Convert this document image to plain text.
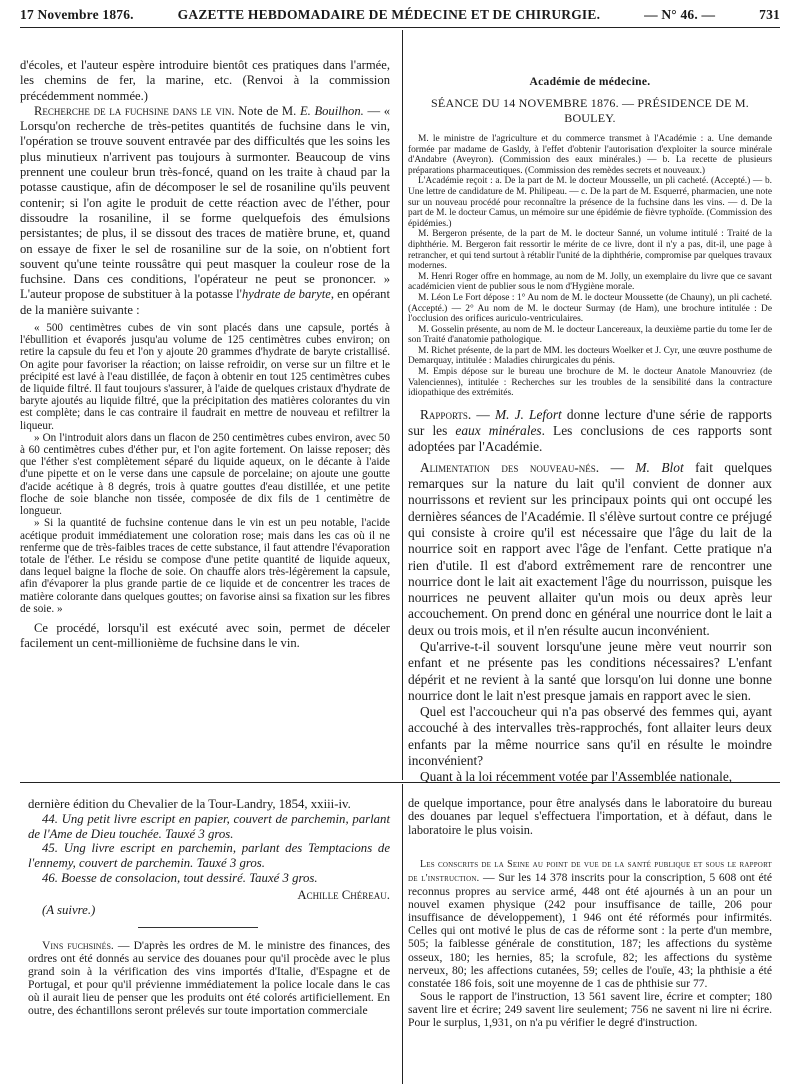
17 Novembre 1876.	GAZETTE HEBDOMADAIRE DE MÉDECINE ET DE CHIRURGIE.	— N° 46. —	731

d'écoles, et l'auteur espère introduire bientôt ces pratiques dans l'armée, les chemins de fer, la marine, etc. (Renvoi à la commission précédemment nommée.)

Recherche de la fuchsine dans le vin. Note de M. E. Bouilhon. — « Lorsqu'on recherche de très-petites quantités de fuchsine dans le vin, l'opération se trouve souvent entravée par des difficultés que les soins les plus minutieux n'arrivent pas toujours à surmonter. Beaucoup de vins prennent une couleur brun très-foncé, quand on les traite à chaud par la potasse caustique, afin de décomposer le sel de rosaniline qu'ils peuvent contenir; si l'on agite le produit de cette réaction avec de l'éther, pour dissoudre la rosaniline, il se forme quelquefois des émulsions persistantes; de plus, il se dissout des traces de matière brune, et, quand on essaye de fixer le sel de rosaniline sur de la soie, on n'obtient fort souvent qu'une teinte roussâtre qui peut masquer la couleur rose de la fuchsine. Dans ces conditions, l'opérateur ne peut se prononcer. » L'auteur propose de substituer à la potasse l'hydrate de baryte, en opérant de la manière suivante :

« 500 centimètres cubes de vin sont placés dans une capsule, portés à l'ébullition et évaporés jusqu'au volume de 125 centimètres cubes environ; on retire la capsule du feu et l'on y ajoute 20 grammes d'hydrate de baryte cristallisé. On agite pour favoriser la réaction; on laisse refroidir, on verse sur un filtre et le précipité est lavé à l'eau distillée, de façon à obtenir en tout 125 centimètres cubes de liquide filtré. Il faut toujours s'assurer, à l'aide de quelques cristaux d'hydrate de baryte ajoutés au liquide filtré, que la précipitation des matières colorantes du vin est complète; dans le cas contraire il faudrait en mettre de nouveau et refiltrer la liqueur.

» On l'introduit alors dans un flacon de 250 centimètres cubes environ, avec 50 à 60 centimètres cubes d'éther pur, et l'on agite fortement. On laisse reposer; dès que l'éther s'est complètement séparé du liquide aqueux, on le décante à l'aide d'une pipette et on le verse dans une capsule de porcelaine; on ajoute une goutte d'acide acétique à 8 degrés, trois à quatre gouttes d'eau distillée, et une petite floche de soie blanche non tissée, composée de dix fils de 1 centimètre de longueur.

» Si la quantité de fuchsine contenue dans le vin est un peu notable, l'acide acétique produit immédiatement une coloration rose; mais dans les cas où il ne renferme que de très-faibles traces de cette substance, il faut attendre l'évaporation totale de l'éther. Le résidu se compose d'une petite quantité de liquide aqueux, dans lequel baigne la floche de soie. On chauffe alors très-légèrement la capsule, afin d'évaporer la plus grande partie de ce liquide et de concentrer les traces de matière colorante dans quelques gouttes; on favorise ainsi sa fixation sur les fibres de soie. »

Ce procédé, lorsqu'il est exécuté avec soin, permet de déceler facilement un cent-millionième de fuchsine dans le vin.

Académie de médecine.
SÉANCE DU 14 NOVEMBRE 1876. — PRÉSIDENCE DE M. BOULEY.

M. le ministre de l'agriculture et du commerce transmet à l'Académie : a. Une demande formée par madame de Gasldy, à l'effet d'obtenir l'autorisation d'exploiter la source minérale d'Andabre (Aveyron). (Commission des eaux minérales.) — b. La recette de plusieurs préparations pharmaceutiques. (Commission des remèdes secrets et nouveaux.)

L'Académie reçoit : a. De la part de M. le docteur Mousselle, un pli cacheté. (Accepté.) — b. Une lettre de candidature de M. Philipeau. — c. De la part de M. Esquerré, pharmacien, une note sur un nouveau procédé pour reconnaître la présence de la fuchsine dans les vins. — d. De la part de M. le docteur Camus, un mémoire sur une épidémie de fièvre typhoïde. (Commission des épidémies.)

M. Bergeron présente, de la part de M. le docteur Sanné, un volume intitulé : Traité de la diphthérie. M. Bergeron fait ressortir le mérite de ce livre, dont il n'y a pas, dit-il, une page à retrancher, et qui tend surtout à rétablir l'unité de la diphthérie, compromise par quelques travaux modernes.

M. Henri Roger offre en hommage, au nom de M. Jolly, un exemplaire du livre que ce savant académicien vient de publier sous le nom d'Hygiène morale.

M. Léon Le Fort dépose : 1° Au nom de M. le docteur Moussette (de Chauny), un pli cacheté. (Accepté.) — 2° Au nom de M. le docteur Surmay (de Ham), une brochure intitulée : De l'occlusion des orifices auriculo-ventriculaires.

M. Gosselin présente, au nom de M. le docteur Lancereaux, la deuxième partie du tome Ier de son Traité d'anatomie pathologique.

M. Richet présente, de la part de MM. les docteurs Woelker et J. Cyr, une œuvre posthume de Demarquay, intitulée : Maladies chirurgicales du pénis.

M. Empis dépose sur le bureau une brochure de M. le docteur Anatole Manouvriez (de Valenciennes), intitulée : Recherches sur les troubles de la sensibilité dans la contracture idiopathique des extrémités.

Rapports. — M. J. Lefort donne lecture d'une série de rapports sur les eaux minérales. Les conclusions de ces rapports sont adoptées par l'Académie.

Alimentation des nouveau-nés. — M. Blot fait quelques remarques sur la nature du lait qu'il convient de donner aux nourrissons et revient sur les principaux points qui ont occupé les dernières séances de l'Académie. Il s'élève surtout contre ce préjugé qui consiste à croire qu'il est nécessaire que l'âge du lait de la nourrice soit en rapport avec l'âge de l'enfant. Cette pratique n'a rien d'utile. Il est d'abord extrêmement rare de rencontrer une nourrice dont le lait ait exactement l'âge du nourrisson, puisque les nourrices ne peuvent allaiter qu'un mois ou deux après leur accouchement. On prend donc en général une nourrice dont le lait a deux ou trois mois, et il n'en résulte aucun inconvénient.

Qu'arrive-t-il souvent lorsqu'une jeune mère veut nourrir son enfant et ne présente pas les conditions nécessaires? L'enfant dépérit et ne revient à la santé que lorsqu'on lui donne une bonne nourrice dont le lait n'est presque jamais en rapport avec le sien.

Quel est l'accoucheur qui n'a pas observé des femmes qui, ayant accouché à des intervalles très-rapprochés, font allaiter leurs deux enfants par la même nourrice sans qu'il en résulte le moindre inconvénient?

Quant à la loi récemment votée par l'Assemblée nationale,

dernière édition du Chevalier de la Tour-Landry, 1854, xxiii-iv.

44. Ung petit livre escript en papier, couvert de parchemin, parlant de l'Ame de Dieu touchée. Tauxé 3 gros.

45. Ung livre escript en parchemin, parlant des Temptacions de l'ennemy, couvert de parchemin. Tauxé 3 gros.

46. Boesse de consolacion, tout dessiré. Tauxé 3 gros.

Achille Chéreau.

(A suivre.)

Vins fuchsinés. — D'après les ordres de M. le ministre des finances, des ordres ont été donnés au service des douanes pour qu'il procède avec le plus grand soin à la vérification des vins importés d'Italie, d'Espagne et de Portugal, et pour qu'il prévienne immédiatement la police locale dans le cas où il aurait lieu de penser que les produits ont été colorés artificiellement. En outre, des échantillons seront prélevés sur toute importation commerciale

de quelque importance, pour être analysés dans le laboratoire du bureau des douanes par lequel s'effectuera l'importation, et à défaut, dans le laboratoire le plus voisin.

Les conscrits de la Seine au point de vue de la santé publique et sous le rapport de l'instruction. — Sur les 14 378 inscrits pour la conscription, 5 608 ont été reconnus propres au service armé, 448 ont été ajournés à un an pour un nouvel examen physique (242 pour insuffisance de taille, 206 pour insuffisance de développement), 1 946 ont été réformés pour infirmités. Celles qui ont motivé le plus de cas de réforme sont : la perte d'un membre, 505; la faiblesse générale de constitution, 187; les affections du système osseux, 180; les hernies, 85; la scrofule, 82; les affections du système nerveux, 80; les affections cutanées, 59; celles de l'ouïe, 43; la phthisie a été constatée 186 fois, soit une moyenne de 1 cas de phthisie sur 77.

Sous le rapport de l'instruction, 13 561 savent lire, écrire et compter; 180 savent lire et écrire; 249 savent lire seulement; 756 ne savent ni lire ni écrire. Pour le surplus, 1,931, on n'a pu vérifier le degré d'instruction.
